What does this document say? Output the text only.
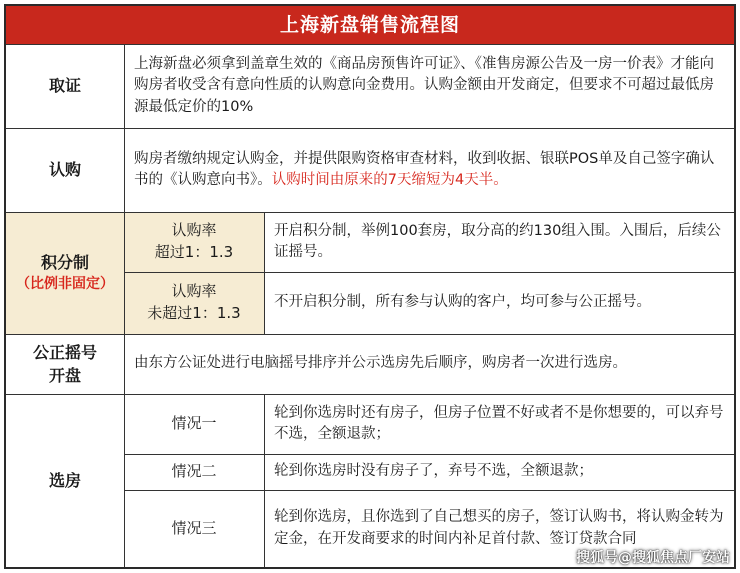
上海新盘销售流程图
取证
上海新盘必须拿到盖章生效的《商品房预售许可证》、《准售房源公告及一房一价表》才能向购房者收受含有意向性质的认购意向金费用。认购金额由开发商定，但要求不可超过最低房源最低定价的10%
认购
购房者缴纳规定认购金，并提供限购资格审查材料，收到收据、银联POS单及自己签字确认书的《认购意向书》。认购时间由原来的7天缩短为4天半。
积分制
（比例非固定）
认购率
超过1：1.3
开启积分制，举例100套房，取分高的约130组入围。入围后，后续公证摇号。
认购率
未超过1：1.3
不开启积分制，所有参与认购的客户，均可参与公正摇号。
公正摇号
开盘
由东方公证处进行电脑摇号排序并公示选房先后顺序，购房者一次进行选房。
选房
情况一
轮到你选房时还有房子，但房子位置不好或者不是你想要的，可以弃号不选，全额退款；
情况二	轮到你选房时没有房子了，弃号不选，全额退款；
情况三
轮到你选房，且你选到了自己想买的房子，签订认购书，将认购金转为定金，在开发商要求的时间内补足首付款、签订贷款合同
搜狐号@搜狐焦点厂安站
